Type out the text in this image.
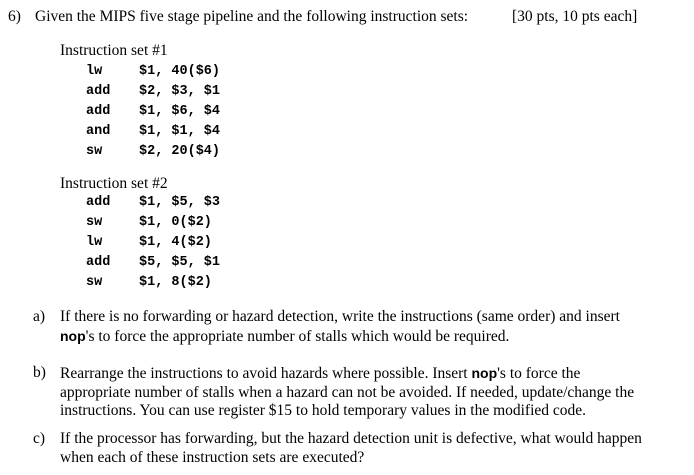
6) Given the MIPS five stage pipeline and the following instruction sets:	[30 pts, 10 pts each]
Instruction set #1
lw	$1, 40($6)
add $2, $3, $1
add $1, $6, $4
and $1, $1, $4
sw	$2, 20($4)
Instruction set #2
add $1, $5, $3
sw	$1, 0($2)
lw	$1, 4($2)
add $5, $5, $1
sw	$1, 8($2)
a) If there is no forwarding or hazard detection, write the instructions (same order) and insert nop's to force the appropriate number of stalls which would be required.
b) Rearrange the instructions to avoid hazards where possible. Insert nop's to force the appropriate number of stalls when a hazard can not be avoided. If needed, update/change the instructions. You can use register $15 to hold temporary values in the modified code.
c) If the processor has forwarding, but the hazard detection unit is defective, what would happen when each of these instruction sets are executed?
